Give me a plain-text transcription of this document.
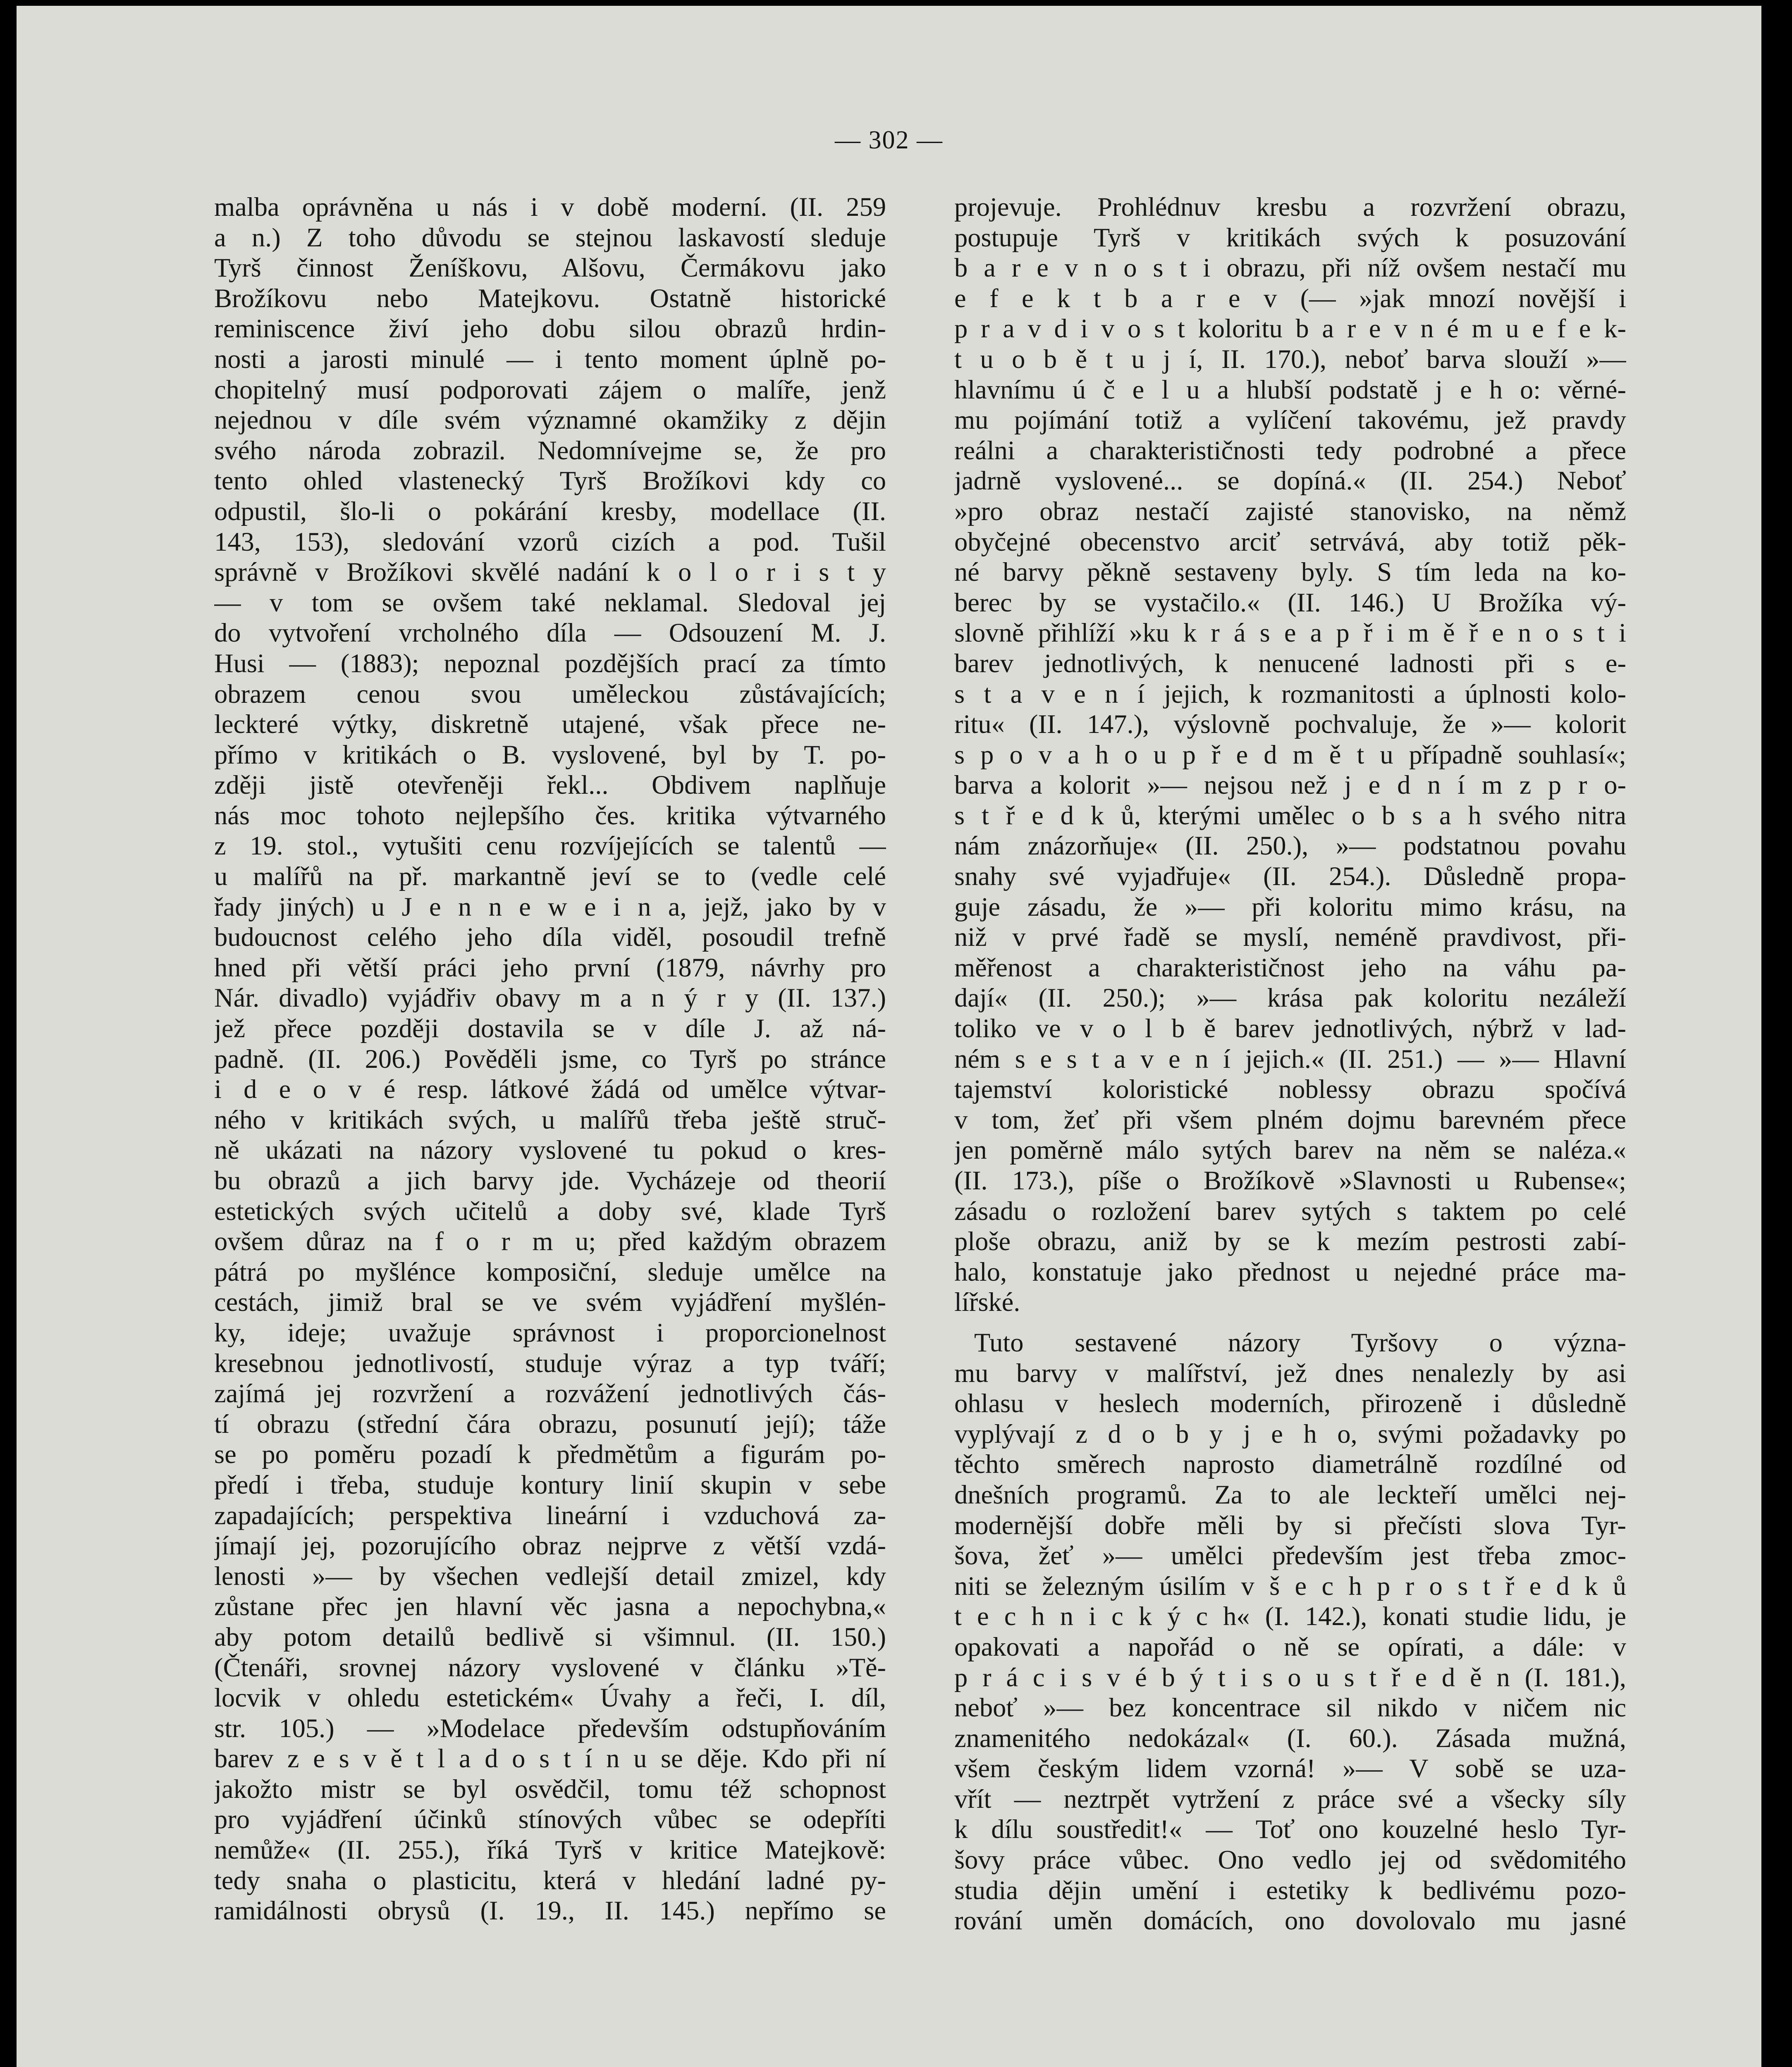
— 302 —
malba oprávněna u nás i v době moderní. (II. 259
a n.) Z toho důvodu se stejnou laskavostí sleduje
Tyrš činnost Ženíškovu, Alšovu, Čermákovu jako
Brožíkovu nebo Matejkovu. Ostatně historické
reminiscence živí jeho dobu silou obrazů hrdin-
nosti a jarosti minulé — i tento moment úplně po-
chopitelný musí podporovati zájem o malíře, jenž
nejednou v díle svém významné okamžiky z dějin
svého národa zobrazil. Nedomnívejme se, že pro
tento ohled vlastenecký Tyrš Brožíkovi kdy co
odpustil, šlo-li o pokárání kresby, modellace (II.
143, 153), sledování vzorů cizích a pod. Tušil
správně v Brožíkovi skvělé nadání k o l o r i s t y
— v tom se ovšem také neklamal. Sledoval jej
do vytvoření vrcholného díla — Odsouzení M. J.
Husi — (1883); nepoznal pozdějších prací za tímto
obrazem cenou svou uměleckou zůstávajících;
leckteré výtky, diskretně utajené, však přece ne-
přímo v kritikách o B. vyslovené, byl by T. po-
zději jistě otevřeněji řekl... Obdivem naplňuje
nás moc tohoto nejlepšího čes. kritika výtvarného
z 19. stol., vytušiti cenu rozvíjejících se talentů —
u malířů na př. markantně jeví se to (vedle celé
řady jiných) u J e n n e w e i n a, jejž, jako by v
budoucnost celého jeho díla viděl, posoudil trefně
hned při větší práci jeho první (1879, návrhy pro
Nár. divadlo) vyjádřiv obavy m a n ý r y (II. 137.)
jež přece později dostavila se v díle J. až ná-
padně. (II. 206.) Pověděli jsme, co Tyrš po stránce
i d e o v é resp. látkové žádá od umělce výtvar-
ného v kritikách svých, u malířů třeba ještě struč-
ně ukázati na názory vyslovené tu pokud o kres-
bu obrazů a jich barvy jde. Vycházeje od theorií
estetických svých učitelů a doby své, klade Tyrš
ovšem důraz na f o r m u; před každým obrazem
pátrá po myšlénce komposiční, sleduje umělce na
cestách, jimiž bral se ve svém vyjádření myšlén-
ky, ideje; uvažuje správnost i proporcionelnost
kresebnou jednotlivostí, studuje výraz a typ tváří;
zajímá jej rozvržení a rozvážení jednotlivých čás-
tí obrazu (střední čára obrazu, posunutí její); táže
se po poměru pozadí k předmětům a figurám po-
předí i třeba, studuje kontury linií skupin v sebe
zapadajících; perspektiva lineární i vzduchová za-
jímají jej, pozorujícího obraz nejprve z větší vzdá-
lenosti »— by všechen vedlejší detail zmizel, kdy
zůstane přec jen hlavní věc jasna a nepochybna,«
aby potom detailů bedlivě si všimnul. (II. 150.)
(Čtenáři, srovnej názory vyslovené v článku »Tě-
locvik v ohledu estetickém« Úvahy a řeči, I. díl,
str. 105.) — »Modelace především odstupňováním
barev z e s v ě t l a d o s t í n u se děje. Kdo při ní
jakožto mistr se byl osvědčil, tomu též schopnost
pro vyjádření účinků stínových vůbec se odepříti
nemůže« (II. 255.), říká Tyrš v kritice Matejkově:
tedy snaha o plasticitu, která v hledání ladné py-
ramidálnosti obrysů (I. 19., II. 145.) nepřímo se
projevuje. Prohlédnuv kresbu a rozvržení obrazu,
postupuje Tyrš v kritikách svých k posuzování
b a r e v n o s t i obrazu, při níž ovšem nestačí mu
e f e k t b a r e v (— »jak mnozí novější i
p r a v d i v o s t koloritu b a r e v n é m u e f e k-
t u o b ě t u j í, II. 170.), neboť barva slouží »—
hlavnímu ú č e l u a hlubší podstatě j e h o: věrné-
mu pojímání totiž a vylíčení takovému, jež pravdy
reálni a charakterističnosti tedy podrobné a přece
jadrně vyslovené... se dopíná.« (II. 254.) Neboť
»pro obraz nestačí zajisté stanovisko, na němž
obyčejné obecenstvo arciť setrvává, aby totiž pěk-
né barvy pěkně sestaveny byly. S tím leda na ko-
berec by se vystačilo.« (II. 146.) U Brožíka vý-
slovně přihlíží »ku k r á s e a p ř i m ě ř e n o s t i
barev jednotlivých, k nenucené ladnosti při s e-
s t a v e n í jejich, k rozmanitosti a úplnosti kolo-
ritu« (II. 147.), výslovně pochvaluje, že »— kolorit
s p o v a h o u p ř e d m ě t u případně souhlasí«;
barva a kolorit »— nejsou než j e d n í m z p r o-
s t ř e d k ů, kterými umělec o b s a h svého nitra
nám znázorňuje« (II. 250.), »— podstatnou povahu
snahy své vyjadřuje« (II. 254.). Důsledně propa-
guje zásadu, že »— při koloritu mimo krásu, na
niž v prvé řadě se myslí, neméně pravdivost, při-
měřenost a charakterističnost jeho na váhu pa-
dají« (II. 250.); »— krása pak koloritu nezáleží
toliko ve v o l b ě barev jednotlivých, nýbrž v lad-
ném s e s t a v e n í jejich.« (II. 251.) — »— Hlavní
tajemství koloristické noblessy obrazu spočívá
v tom, žeť při všem plném dojmu barevném přece
jen poměrně málo sytých barev na něm se naléza.«
(II. 173.), píše o Brožíkově »Slavnosti u Rubense«;
zásadu o rozložení barev sytých s taktem po celé
ploše obrazu, aniž by se k mezím pestrosti zabí-
halo, konstatuje jako přednost u nejedné práce ma-
lířské.
Tuto sestavené názory Tyršovy o význa-
mu barvy v malířství, jež dnes nenalezly by asi
ohlasu v heslech moderních, přirozeně i důsledně
vyplývají z d o b y j e h o, svými požadavky po
těchto směrech naprosto diametrálně rozdílné od
dnešních programů. Za to ale leckteří umělci nej-
modernější dobře měli by si přečísti slova Tyr-
šova, žeť »— umělci především jest třeba zmoc-
niti se železným úsilím v š e c h p r o s t ř e d k ů
t e c h n i c k ý c h« (I. 142.), konati studie lidu, je
opakovati a napořád o ně se opírati, a dále: v
p r á c i s v é b ý t i s o u s t ř e d ě n (I. 181.),
neboť »— bez koncentrace sil nikdo v ničem nic
znamenitého nedokázal« (I. 60.). Zásada mužná,
všem českým lidem vzorná! »— V sobě se uza-
vřít — neztrpět vytržení z práce své a všecky síly
k dílu soustředit!« — Toť ono kouzelné heslo Tyr-
šovy práce vůbec. Ono vedlo jej od svědomitého
studia dějin umění i estetiky k bedlivému pozo-
rování uměn domácích, ono dovolovalo mu jasné
